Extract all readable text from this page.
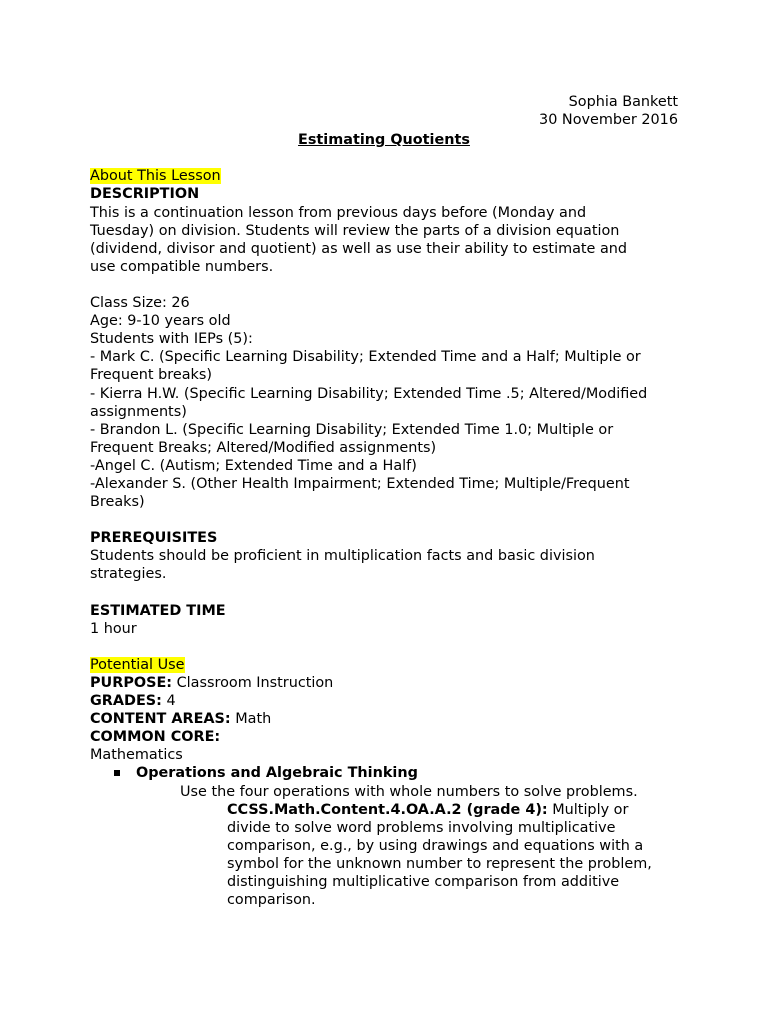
Sophia Bankett

30 November 2016

Estimating Quotients

About This Lesson

DESCRIPTION

This is a continuation lesson from previous days before (Monday and

Tuesday) on division. Students will review the parts of a division equation

(dividend, divisor and quotient) as well as use their ability to estimate and

use compatible numbers.

Class Size: 26

Age: 9-10 years old

Students with IEPs (5):

- Mark C. (Specific Learning Disability; Extended Time and a Half; Multiple or

Frequent breaks)

- Kierra H.W. (Specific Learning Disability; Extended Time .5; Altered/Modified

assignments)

- Brandon L. (Specific Learning Disability; Extended Time 1.0; Multiple or

Frequent Breaks; Altered/Modified assignments)

-Angel C. (Autism; Extended Time and a Half)

-Alexander S. (Other Health Impairment; Extended Time; Multiple/Frequent

Breaks)

PREREQUISITES

Students should be proficient in multiplication facts and basic division

strategies.

ESTIMATED TIME

1 hour

Potential Use

PURPOSE: Classroom Instruction

GRADES: 4

CONTENT AREAS: Math

COMMON CORE:

Mathematics

Operations and Algebraic Thinking

Use the four operations with whole numbers to solve problems.

CCSS.Math.Content.4.OA.A.2 (grade 4): Multiply or

divide to solve word problems involving multiplicative

comparison, e.g., by using drawings and equations with a

symbol for the unknown number to represent the problem,

distinguishing multiplicative comparison from additive

comparison.
